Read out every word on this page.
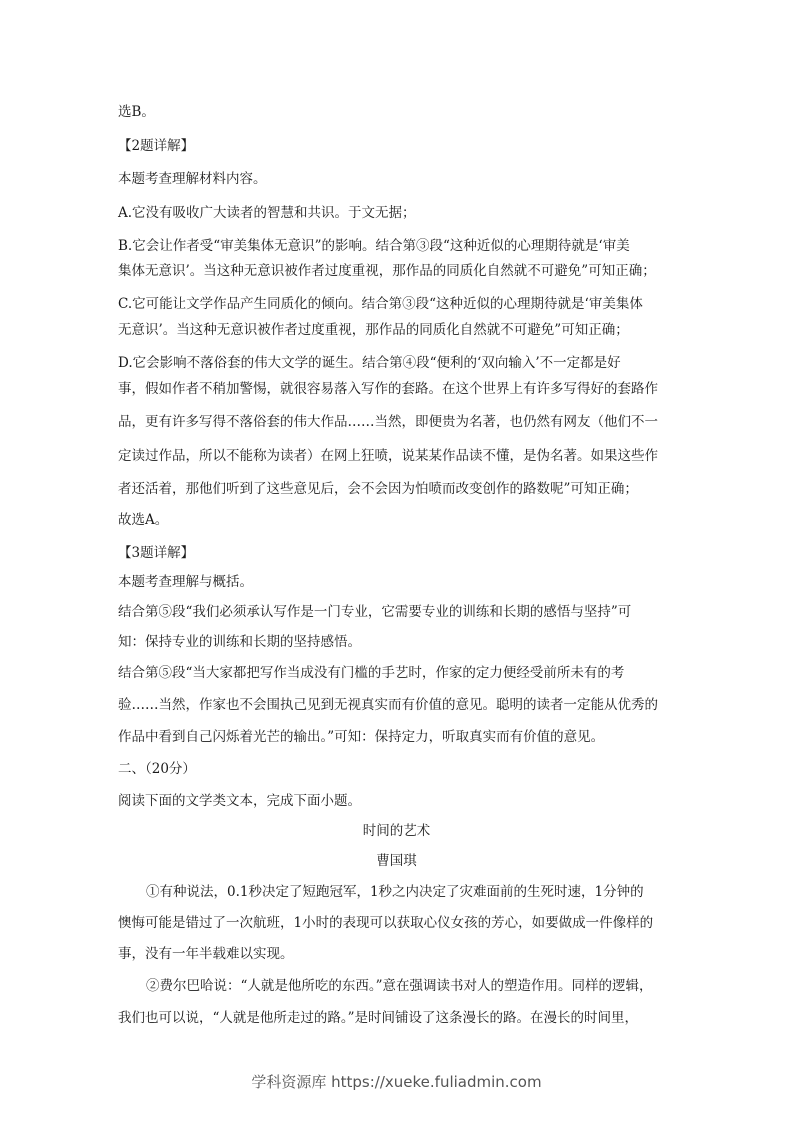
选B。
【2题详解】
本题考查理解材料内容。
A.它没有吸收广大读者的智慧和共识。于文无据；
B.它会让作者受“审美集体无意识”的影响。结合第③段“这种近似的心理期待就是‘审美
集体无意识’。当这种无意识被作者过度重视，那作品的同质化自然就不可避免”可知正确；
C.它可能让文学作品产生同质化的倾向。结合第③段“这种近似的心理期待就是‘审美集体
无意识’。当这种无意识被作者过度重视，那作品的同质化自然就不可避免”可知正确；
D.它会影响不落俗套的伟大文学的诞生。结合第④段“便利的‘双向输入’不一定都是好
事，假如作者不稍加警惕，就很容易落入写作的套路。在这个世界上有许多写得好的套路作
品，更有许多写得不落俗套的伟大作品……当然，即便贵为名著，也仍然有网友（他们不一
定读过作品，所以不能称为读者）在网上狂喷，说某某作品读不懂，是伪名著。如果这些作
者还活着，那他们听到了这些意见后，会不会因为怕喷而改变创作的路数呢”可知正确；
故选A。
【3题详解】
本题考查理解与概括。
结合第⑤段“我们必须承认写作是一门专业，它需要专业的训练和长期的感悟与坚持”可
知：保持专业的训练和长期的坚持感悟。
结合第⑤段“当大家都把写作当成没有门槛的手艺时，作家的定力便经受前所未有的考
验……当然，作家也不会围执己见到无视真实而有价值的意见。聪明的读者一定能从优秀的
作品中看到自己闪烁着光芒的输出。”可知：保持定力，听取真实而有价值的意见。
二、（20分）
阅读下面的文学类文本，完成下面小题。
时间的艺术
曹国琪
①有种说法，0.1秒决定了短跑冠军，1秒之内决定了灾难面前的生死时速，1分钟的
懊悔可能是错过了一次航班，1小时的表现可以获取心仪女孩的芳心，如要做成一件像样的
事，没有一年半载难以实现。
②费尔巴哈说：“人就是他所吃的东西。”意在强调读书对人的塑造作用。同样的逻辑，
我们也可以说，“人就是他所走过的路。”是时间铺设了这条漫长的路。在漫长的时间里，
学科资源库 https://xueke.fuliadmin.com
